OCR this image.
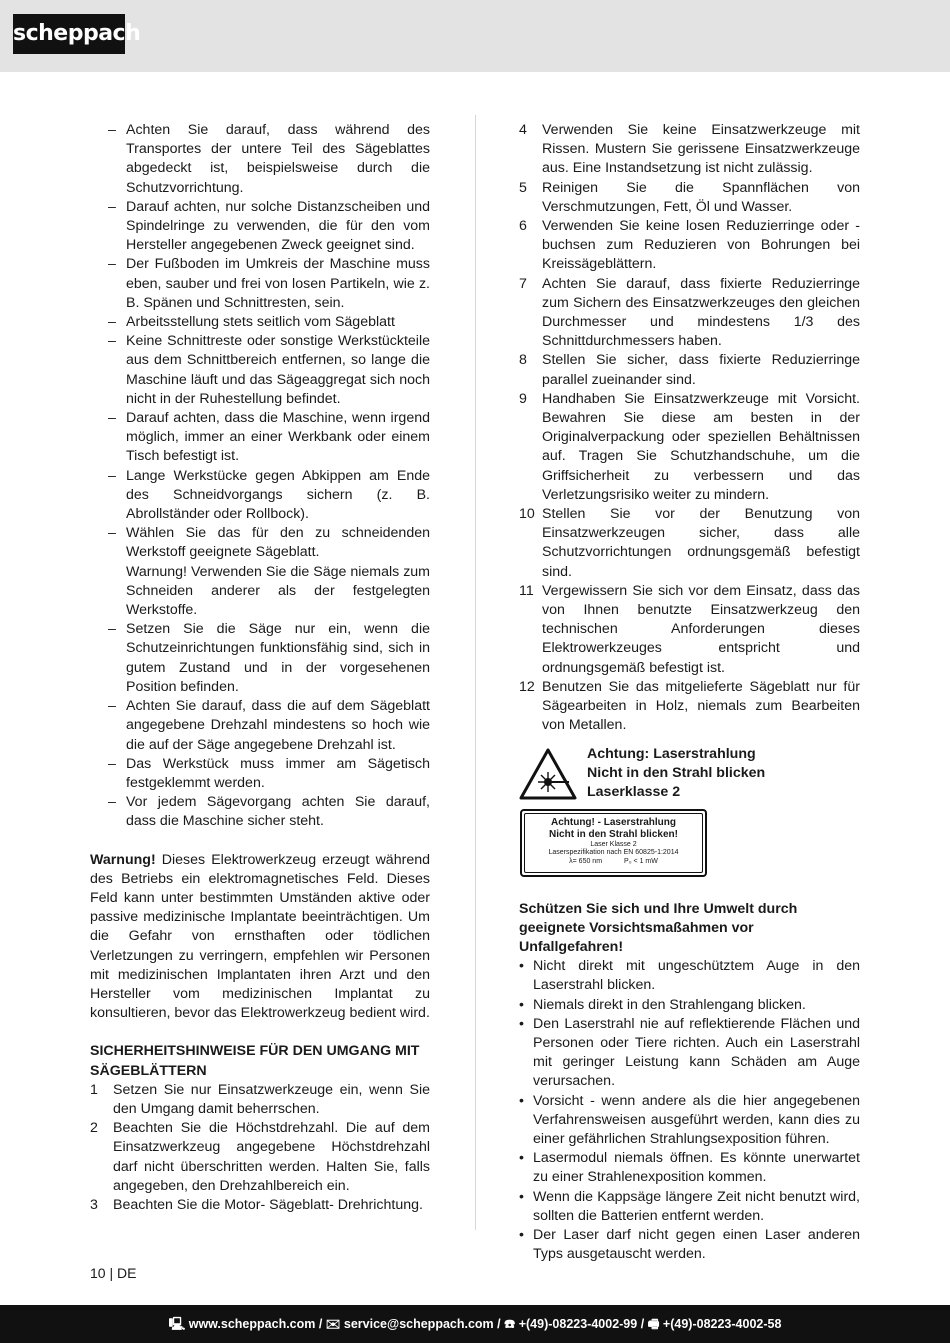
scheppach
– Achten Sie darauf, dass während des Transportes der untere Teil des Sägeblattes abgedeckt ist, beispielsweise durch die Schutzvorrichtung.
– Darauf achten, nur solche Distanzscheiben und Spindelringe zu verwenden, die für den vom Hersteller angegebenen Zweck geeignet sind.
– Der Fußboden im Umkreis der Maschine muss eben, sauber und frei von losen Partikeln, wie z. B. Spänen und Schnittresten, sein.
– Arbeitsstellung stets seitlich vom Sägeblatt
– Keine Schnittreste oder sonstige Werkstückteile aus dem Schnittbereich entfernen, so lange die Maschine läuft und das Sägeaggregat sich noch nicht in der Ruhestellung befindet.
– Darauf achten, dass die Maschine, wenn irgend möglich, immer an einer Werkbank oder einem Tisch befestigt ist.
– Lange Werkstücke gegen Abkippen am Ende des Schneidvorgangs sichern (z. B. Abrollständer oder Rollbock).
– Wählen Sie das für den zu schneidenden Werkstoff geeignete Sägeblatt.
Warnung! Verwenden Sie die Säge niemals zum Schneiden anderer als der festgelegten Werkstoffe.
– Setzen Sie die Säge nur ein, wenn die Schutzeinrichtungen funktionsfähig sind, sich in gutem Zustand und in der vorgesehenen Position befinden.
– Achten Sie darauf, dass die auf dem Sägeblatt angegebene Drehzahl mindestens so hoch wie die auf der Säge angegebene Drehzahl ist.
– Das Werkstück muss immer am Sägetisch festgeklemmt werden.
– Vor jedem Sägevorgang achten Sie darauf, dass die Maschine sicher steht.
Warnung! Dieses Elektrowerkzeug erzeugt während des Betriebs ein elektromagnetisches Feld. Dieses Feld kann unter bestimmten Umständen aktive oder passive medizinische Implantate beeinträchtigen. Um die Gefahr von ernsthaften oder tödlichen Verletzungen zu verringern, empfehlen wir Personen mit medizinischen Implantaten ihren Arzt und den Hersteller vom medizinischen Implantat zu konsultieren, bevor das Elektrowerkzeug bedient wird.
SICHERHEITSHINWEISE FÜR DEN UMGANG MIT SÄGEBLÄTTERN
1	Setzen Sie nur Einsatzwerkzeuge ein, wenn Sie den Umgang damit beherrschen.
2	Beachten Sie die Höchstdrehzahl. Die auf dem Einsatzwerkzeug angegebene Höchstdrehzahl darf nicht überschritten werden. Halten Sie, falls angegeben, den Drehzahlbereich ein.
3	Beachten Sie die Motor- Sägeblatt- Drehrichtung.
4	Verwenden Sie keine Einsatzwerkzeuge mit Rissen. Mustern Sie gerissene Einsatzwerkzeuge aus. Eine Instandsetzung ist nicht zulässig.
5	Reinigen Sie die Spannflächen von Verschmutzungen, Fett, Öl und Wasser.
6	Verwenden Sie keine losen Reduzierringe oder -buchsen zum Reduzieren von Bohrungen bei Kreissägeblättern.
7	Achten Sie darauf, dass fixierte Reduzierringe zum Sichern des Einsatzwerkzeuges den gleichen Durchmesser und mindestens 1/3 des Schnittdurchmessers haben.
8	Stellen Sie sicher, dass fixierte Reduzierringe parallel zueinander sind.
9	Handhaben Sie Einsatzwerkzeuge mit Vorsicht. Bewahren Sie diese am besten in der Originalverpackung oder speziellen Behältnissen auf. Tragen Sie Schutzhandschuhe, um die Griffsicherheit zu verbessern und das Verletzungsrisiko weiter zu mindern.
10 Stellen Sie vor der Benutzung von Einsatzwerkzeugen sicher, dass alle Schutzvorrichtungen ordnungsgemäß befestigt sind.
11 Vergewissern Sie sich vor dem Einsatz, dass das von Ihnen benutzte Einsatzwerkzeug den technischen Anforderungen dieses Elektrowerkzeuges entspricht und ordnungsgemäß befestigt ist.
12 Benutzen Sie das mitgelieferte Sägeblatt nur für Sägearbeiten in Holz, niemals zum Bearbeiten von Metallen.
Achtung: Laserstrahlung
Nicht in den Strahl blicken
Laserklasse 2
Achtung! - Laserstrahlung
Nicht in den Strahl blicken!
Laser Klasse 2
Laserspezifikation nach EN 60825-1:2014
λ= 650 nm	P₀ < 1 mW
Schützen Sie sich und Ihre Umwelt durch geeignete Vorsichtsmaßahmen vor Unfallgefahren!
• Nicht direkt mit ungeschütztem Auge in den Laserstrahl blicken.
• Niemals direkt in den Strahlengang blicken.
• Den Laserstrahl nie auf reflektierende Flächen und Personen oder Tiere richten. Auch ein Laserstrahl mit geringer Leistung kann Schäden am Auge verursachen.
• Vorsicht - wenn andere als die hier angegebenen Verfahrensweisen ausgeführt werden, kann dies zu einer gefährlichen Strahlungsexposition führen.
• Lasermodul niemals öffnen. Es könnte unerwartet zu einer Strahlenexposition kommen.
• Wenn die Kappsäge längere Zeit nicht benutzt wird, sollten die Batterien entfernt werden.
• Der Laser darf nicht gegen einen Laser anderen Typs ausgetauscht werden.
10 | DE
🖳 www.scheppach.com / ✉ service@scheppach.com / ☎ +(49)-08223-4002-99 / 🖷 +(49)-08223-4002-58
